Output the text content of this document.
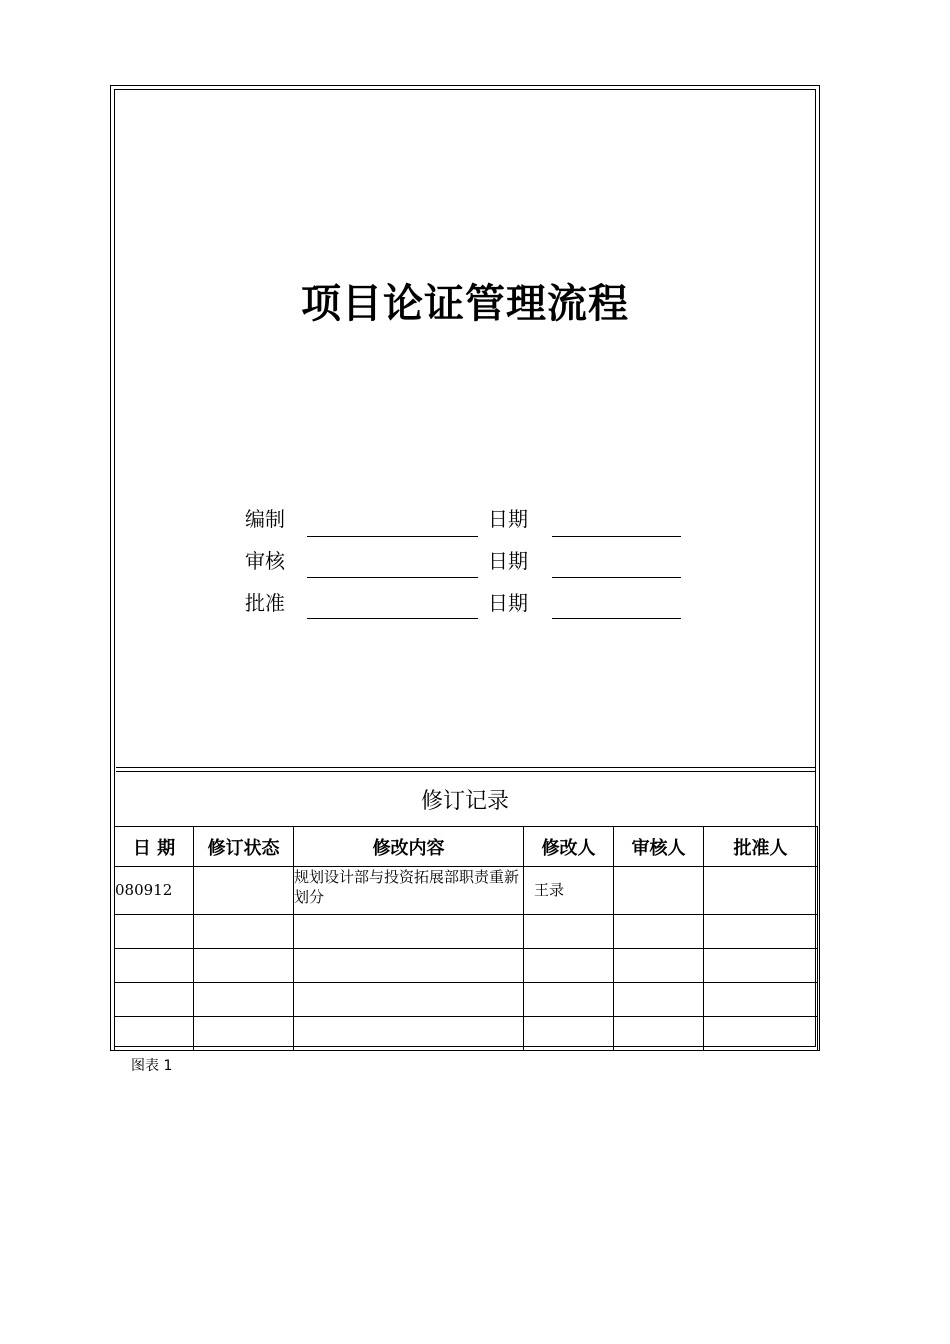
项目论证管理流程
编制	日期
审核	日期
批准	日期
修订记录
日 期	修订状态	修改内容	修改人	审核人	批准人
080912		规划设计部与投资拓展部职责重新划分	王录		

图表 1
